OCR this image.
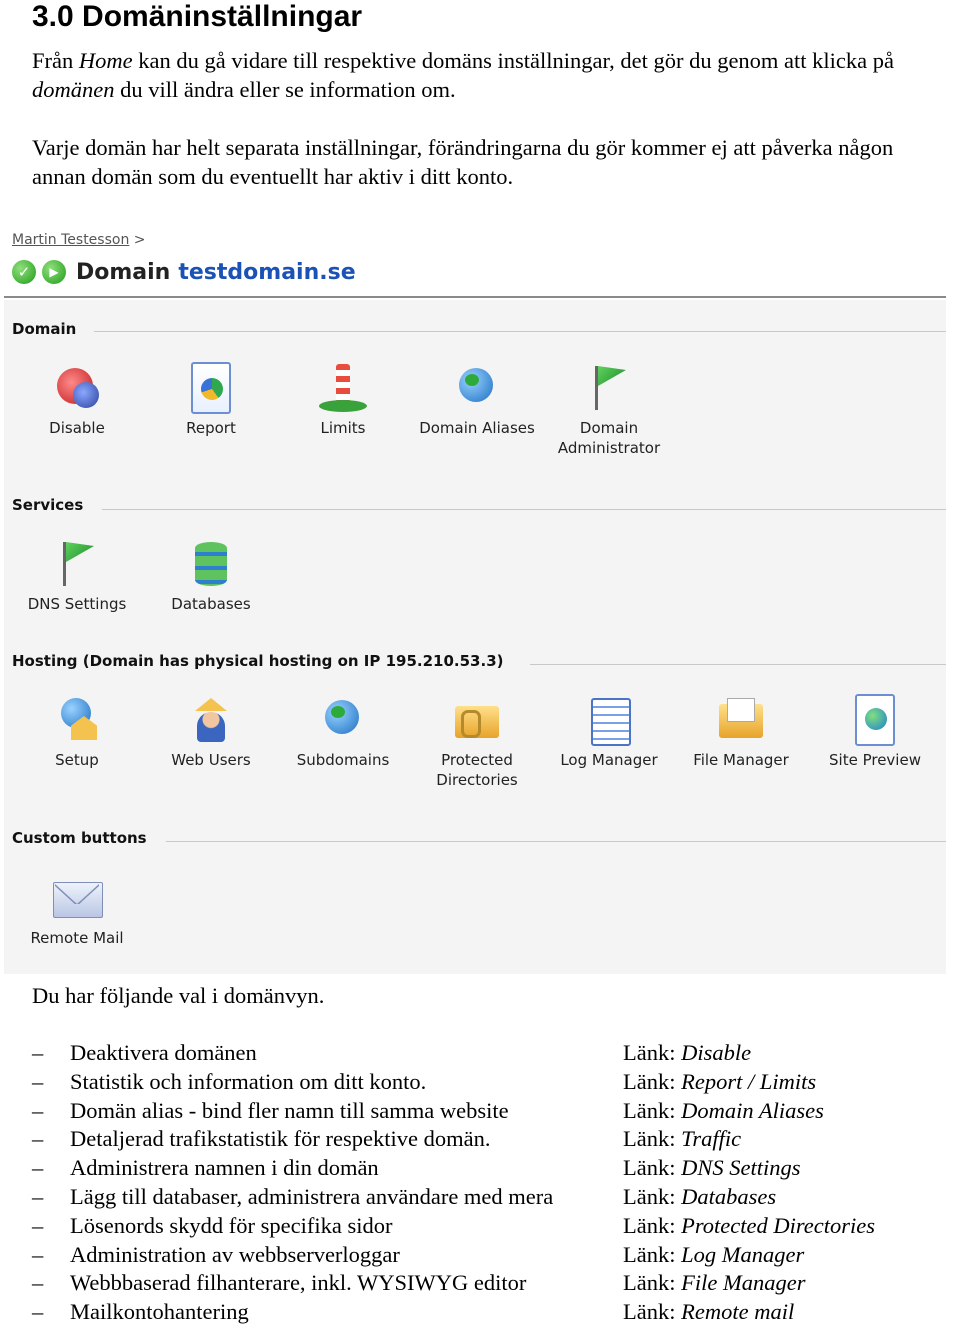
3.0 Domäninställningar

Från Home kan du gå vidare till respektive domäns inställningar, det gör du genom att klicka på domänen du vill ändra eller se information om.

Varje domän har helt separata inställningar, förändringarna du gör kommer ej att påverka någon annan domän som du eventuellt har aktiv i ditt konto.

Martin Testesson >
✓	▶ Domain testdomain.se
Domain
Disable	Report	Limits	Domain Aliases	Domain
Administrator
Services
DNS Settings	Databases
Hosting (Domain has physical hosting on IP 195.210.53.3)
Setup	Web Users	Subdomains	Protected
Directories
Log Manager	File Manager	Site Preview
Custom buttons
Remote Mail

Du har följande val i domänvyn.

– Deaktivera domänen	Länk: Disable
– Statistik och information om ditt konto.	Länk: Report / Limits
– Domän alias - bind fler namn till samma website	Länk: Domain Aliases
– Detaljerad trafikstatistik för respektive domän.	Länk: Traffic
– Administrera namnen i din domän	Länk: DNS Settings
– Lägg till databaser, administrera användare med mera	Länk: Databases
– Lösenords skydd för specifika sidor	Länk: Protected Directories
– Administration av webbserverloggar	Länk: Log Manager
– Webbbaserad filhanterare, inkl. WYSIWYG editor	Länk: File Manager
– Mailkontohantering	Länk: Remote mail
